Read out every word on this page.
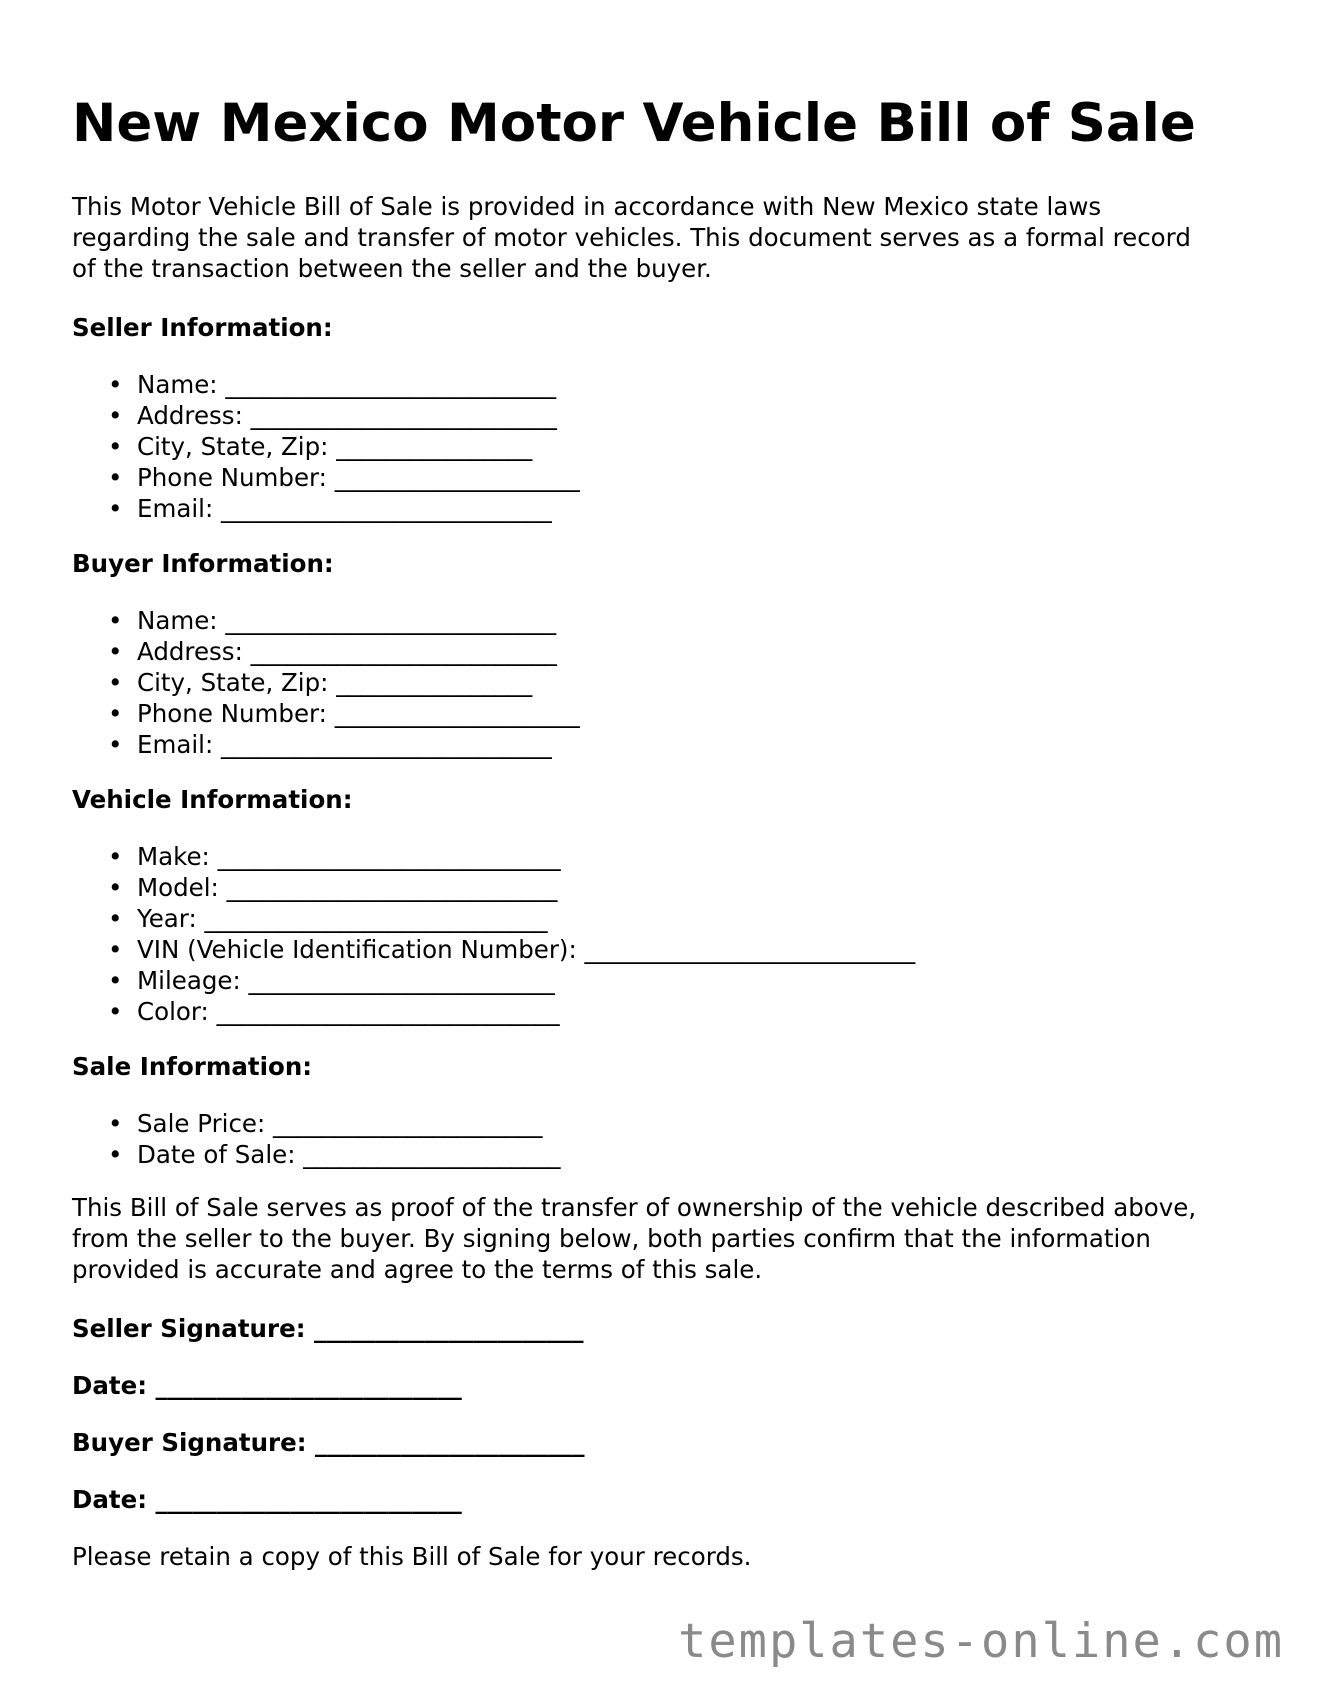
New Mexico Motor Vehicle Bill of Sale

This Motor Vehicle Bill of Sale is provided in accordance with New Mexico state laws regarding the sale and transfer of motor vehicles. This document serves as a formal record of the transaction between the seller and the buyer.

Seller Information:
• Name: ___________________________
• Address: _________________________
• City, State, Zip: ________________
• Phone Number: ____________________
• Email: ___________________________
Buyer Information:
• Name: ___________________________
• Address: _________________________
• City, State, Zip: ________________
• Phone Number: ____________________
• Email: ___________________________
Vehicle Information:
• Make: ____________________________
• Model: ___________________________
• Year: ____________________________
• VIN (Vehicle Identification Number): ___________________________
• Mileage: _________________________
• Color: ____________________________
Sale Information:
• Sale Price: ______________________
• Date of Sale: _____________________

This Bill of Sale serves as proof of the transfer of ownership of the vehicle described above, from the seller to the buyer. By signing below, both parties confirm that the information provided is accurate and agree to the terms of this sale.

Seller Signature: ______________________

Date: _________________________

Buyer Signature: ______________________

Date: _________________________

Please retain a copy of this Bill of Sale for your records.

templates-online.com
